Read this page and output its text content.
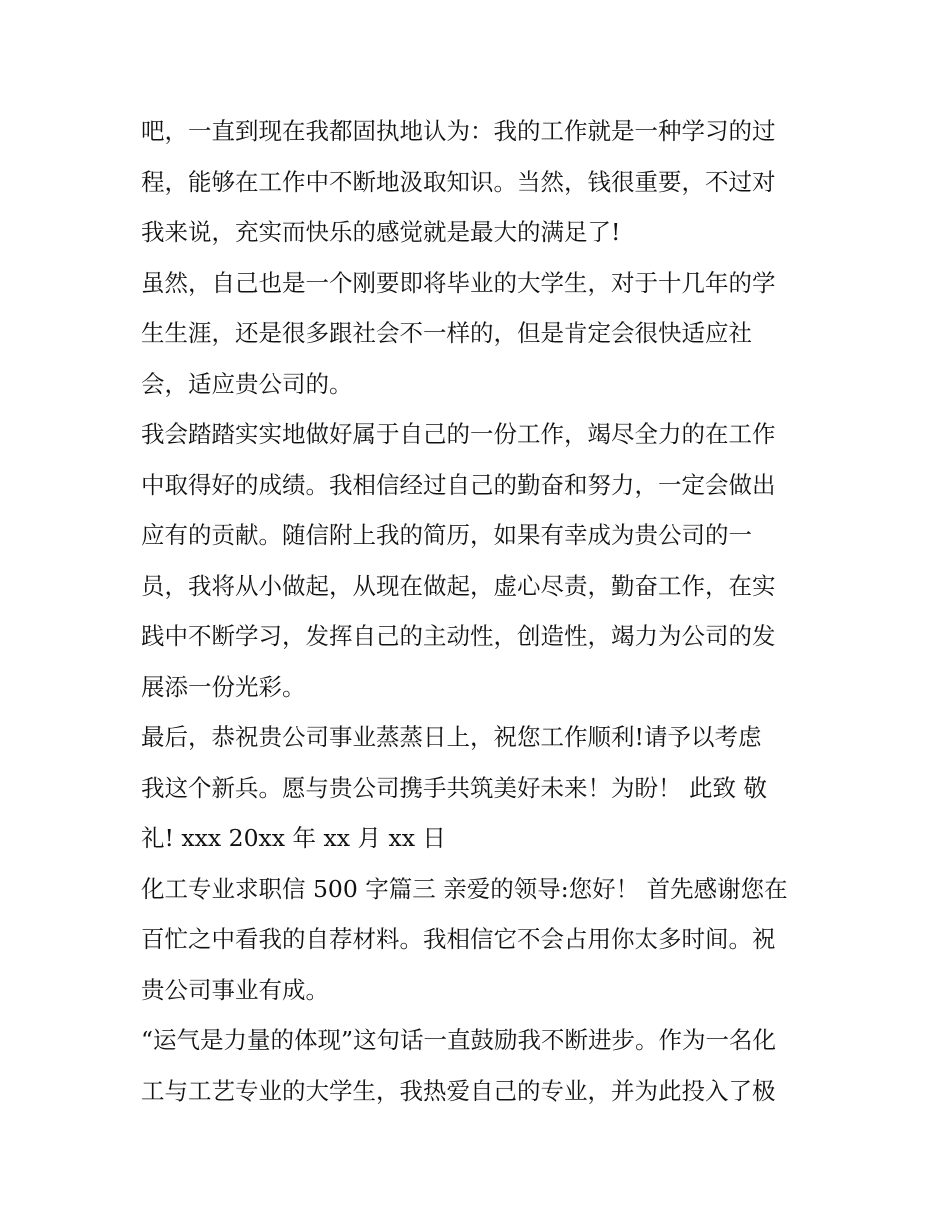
吧，一直到现在我都固执地认为：我的工作就是一种学习的过
程，能够在工作中不断地汲取知识。当然，钱很重要，不过对
我来说，充实而快乐的感觉就是最大的满足了!
虽然，自己也是一个刚要即将毕业的大学生，对于十几年的学
生生涯，还是很多跟社会不一样的，但是肯定会很快适应社
会，适应贵公司的。
我会踏踏实实地做好属于自己的一份工作，竭尽全力的在工作
中取得好的成绩。我相信经过自己的勤奋和努力，一定会做出
应有的贡献。随信附上我的简历，如果有幸成为贵公司的一
员，我将从小做起，从现在做起，虚心尽责，勤奋工作，在实
践中不断学习，发挥自己的主动性，创造性，竭力为公司的发
展添一份光彩。
最后，恭祝贵公司事业蒸蒸日上，祝您工作顺利!请予以考虑
我这个新兵。愿与贵公司携手共筑美好未来！为盼！ 此致 敬
礼! xxx 20xx 年 xx 月 xx 日
化工专业求职信 500 字篇三 亲爱的领导:您好！ 首先感谢您在
百忙之中看我的自荐材料。我相信它不会占用你太多时间。祝
贵公司事业有成。
“运气是力量的体现”这句话一直鼓励我不断进步。作为一名化
工与工艺专业的大学生，我热爱自己的专业，并为此投入了极
